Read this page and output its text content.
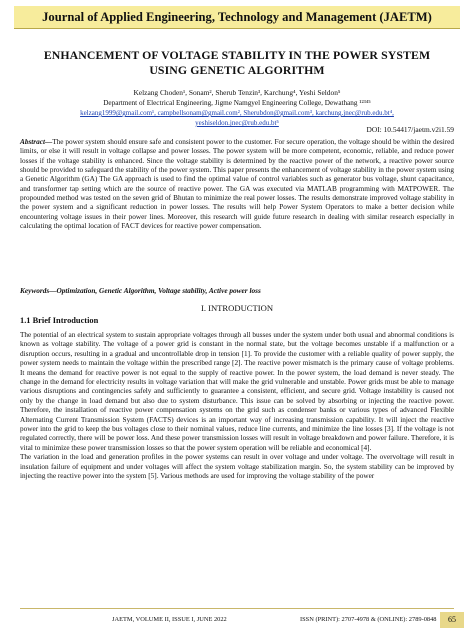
Journal of Applied Engineering, Technology and Management (JAETM)
ENHANCEMENT OF VOLTAGE STABILITY IN THE POWER SYSTEM
USING GENETIC ALGORITHM
Kelzang Choden¹, Sonam², Sherub Tenzin³, Karchung⁴, Yeshi Seldon⁵
Department of Electrical Engineering, Jigme Namgyel Engineering College, Dewathang ¹²³⁴⁵
kelzang1999@gmail.com¹, campbellsonam@gmail.com², Sherubdon@gmail.com³, karchung.jnec@rub.edu.bt⁴,
yeshiseldon.jnec@rub.edu.bt⁵
DOI: 10.54417/jaetm.v2i1.59
Abstract—The power system should ensure safe and consistent power to the customer. For secure operation, the voltage should be within the desired limits, or else it will result in voltage collapse and power losses. The power system will be more competent, economic, reliable, and reduce power losses if the voltage stability is enhanced. Since the voltage stability is determined by the reactive power of the network, a reactive power source should be provided to safeguard the stability of the power system. This paper presents the enhancement of voltage stability in the power system using a Genetic Algorithm (GA) The GA approach is used to find the optimal value of control variables such as generator bus voltage, shunt capacitance, and transformer tap setting which are the source of reactive power. The GA was executed via MATLAB programming with MATPOWER. The propounded method was tested on the seven grid of Bhutan to minimize the real power losses. The results demonstrate improved voltage stability in the power system and a significant reduction in power losses. The results will help Power System Operators to make a better decision while encountering voltage issues in their power lines. Moreover, this research will guide future research in dealing with similar research especially in calculating the optimal location of FACT devices for reactive power compensation.
Keywords—Optimization, Genetic Algorithm, Voltage stability, Active power loss
I. INTRODUCTION
1.1 Brief Introduction

The potential of an electrical system to sustain appropriate voltages through all busses under the system under both usual and abnormal conditions is known as voltage stability. The voltage of a power grid is constant in the normal state, but the voltage becomes unstable if a malfunction or a disruption occurs, resulting in a gradual and uncontrollable drop in tension [1]. To provide the customer with a reliable quality of power supply, the power system needs to maintain the voltage within the prescribed range [2]. The reactive power mismatch is the primary cause of voltage problems. It means the demand for reactive power is not equal to the supply of reactive power. In the power system, the load demand is never steady. The change in the demand for electricity results in voltage variation that will make the grid vulnerable and unstable. Power grids must be able to manage various disruptions and contingencies safely and sufficiently to guarantee a consistent, efficient, and secure grid. Voltage instability is caused not only by the change in load demand but also due to system disturbance. This issue can be solved by absorbing or injecting the reactive power. Therefore, the installation of reactive power compensation systems on the grid such as condenser banks or various types of advanced Flexible Alternating Current Transmission System (FACTS) devices is an important way of increasing transmission capability. It will inject the reactive power into the grid to keep the bus voltages close to their nominal values, reduce line currents, and minimize the line losses [3]. If the voltage is not regulated correctly, there will be power loss. And these power transmission losses will result in voltage breakdown and power failure. Therefore, it is vital to minimize these power transmission losses so that the power system operation will be reliable and economical [4].

The variation in the load and generation profiles in the power systems can result in over voltage and under voltage. The overvoltage will result in insulation failure of equipment and under voltages will affect the system voltage stabilization margin. So, the system stability can be improved by injecting the reactive power into the system [5]. Various methods are used for improving the voltage stability of the power

JAETM, VOLUME II, ISSUE I, JUNE 2022	ISSN (PRINT): 2707-4978 & (ONLINE): 2789-0848	65
